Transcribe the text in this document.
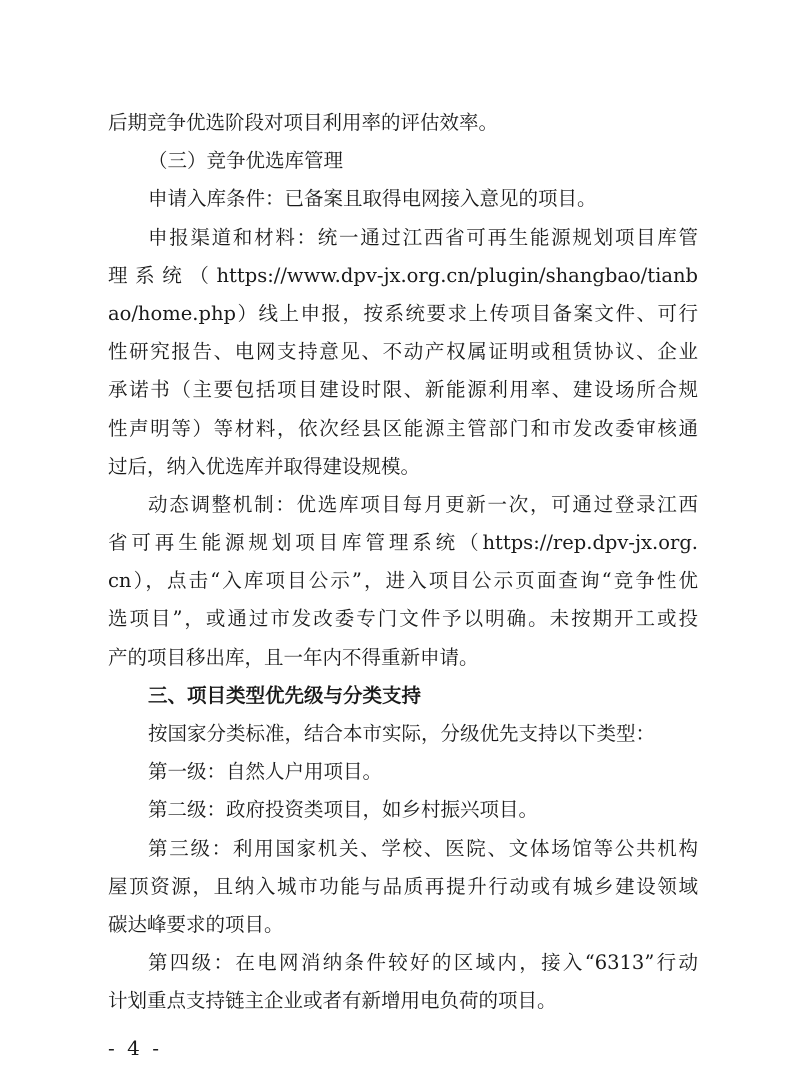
后期竞争优选阶段对项目利用率的评估效率。
（三）竞争优选库管理
申请入库条件：已备案且取得电网接入意见的项目。
申报渠道和材料：统一通过江西省可再生能源规划项目库管
理系统（https://www.dpv-jx.org.cn/plugin/shangbao/tianb
ao/home.php）线上申报，按系统要求上传项目备案文件、可行
性研究报告、电网支持意见、不动产权属证明或租赁协议、企业
承诺书（主要包括项目建设时限、新能源利用率、建设场所合规
性声明等）等材料，依次经县区能源主管部门和市发改委审核通
过后，纳入优选库并取得建设规模。
动态调整机制：优选库项目每月更新一次，可通过登录江西
省可再生能源规划项目库管理系统（https://rep.dpv-jx.org.
cn），点击“入库项目公示”，进入项目公示页面查询“竞争性优
选项目”，或通过市发改委专门文件予以明确。未按期开工或投
产的项目移出库，且一年内不得重新申请。
三、项目类型优先级与分类支持
按国家分类标准，结合本市实际，分级优先支持以下类型：
第一级：自然人户用项目。
第二级：政府投资类项目，如乡村振兴项目。
第三级：利用国家机关、学校、医院、文体场馆等公共机构
屋顶资源，且纳入城市功能与品质再提升行动或有城乡建设领域
碳达峰要求的项目。
第四级：在电网消纳条件较好的区域内，接入“6313”行动
计划重点支持链主企业或者有新增用电负荷的项目。
- 4 -
